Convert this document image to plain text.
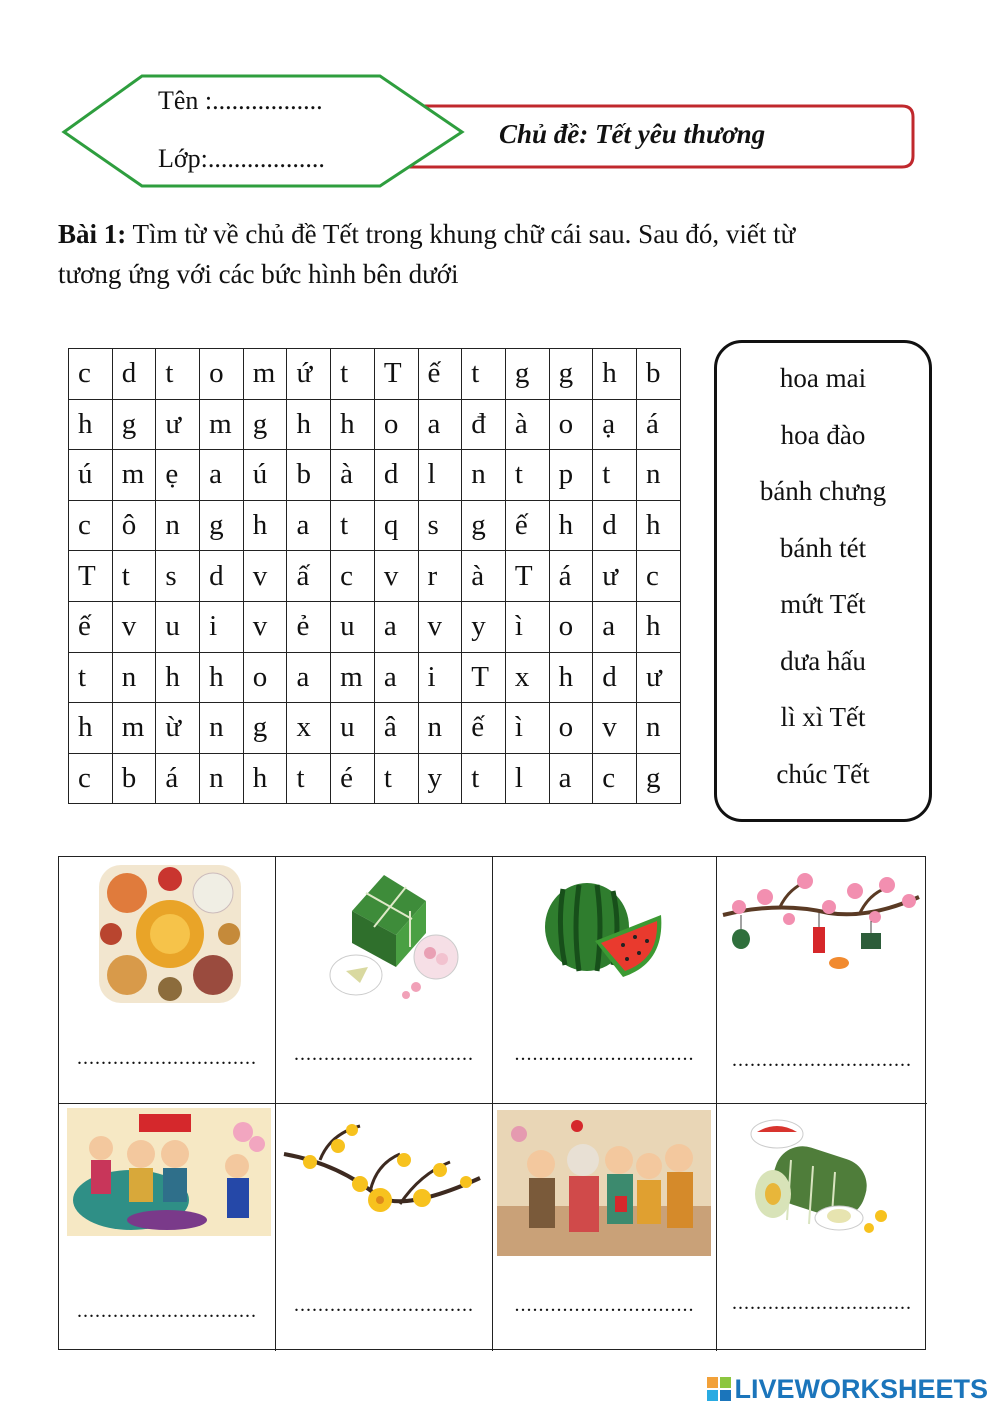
Tên :.................
Lớp:..................
Chủ đề: Tết yêu thương
Bài 1: Tìm từ về chủ đề Tết trong khung chữ cái sau. Sau đó, viết từ
tương ứng với các bức hình bên dưới
c	d	t	o	m	ứ	t	T	ế	t	g	g	h	b
h	g	ư	m	g	h	h	o	a	đ	à	o	ạ	á
ú	m	ẹ	a	ú	b	à	d	l	n	t	p	t	n
c	ô	n	g	h	a	t	q	s	g	ế	h	d	h
T	t	s	d	v	ấ	c	v	r	à	T	á	ư	c
ế	v	u	i	v	ẻ	u	a	v	y	ì	o	a	h
t	n	h	h	o	a	m	a	i	T	x	h	d	ư
h	m	ừ	n	g	x	u	â	n	ế	ì	o	v	n
c	b	á	n	h	t	é	t	y	t	l	a	c	g
hoa mai
hoa đào
bánh chưng
bánh tét
mứt Tết
dưa hấu
lì xì Tết
chúc Tết
..............................	..............................	..............................	..............................
..............................	..............................	..............................	..............................
LIVEWORKSHEETS
